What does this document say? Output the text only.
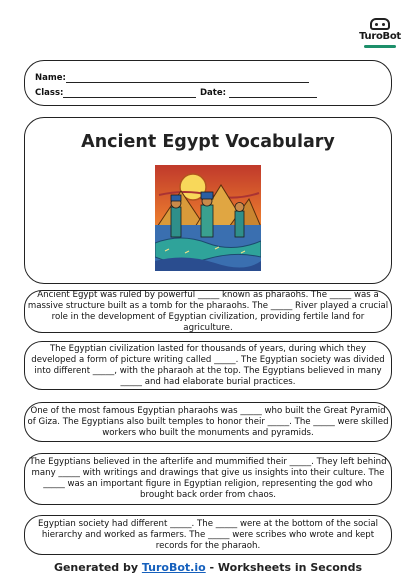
TuroBot
Name:
Class:	Date:
Ancient Egypt Vocabulary
Ancient Egypt was ruled by powerful _____ known as pharaohs. The _____ was a massive structure built as a tomb for the pharaohs. The _____ River played a crucial role in the development of Egyptian civilization, providing fertile land for agriculture.
The Egyptian civilization lasted for thousands of years, during which they developed a form of picture writing called _____. The Egyptian society was divided into different _____, with the pharaoh at the top. The Egyptians believed in many _____ and had elaborate burial practices.
One of the most famous Egyptian pharaohs was _____ who built the Great Pyramid of Giza. The Egyptians also built temples to honor their _____. The _____ were skilled workers who built the monuments and pyramids.
The Egyptians believed in the afterlife and mummified their _____. They left behind many _____ with writings and drawings that give us insights into their culture. The _____ was an important figure in Egyptian religion, representing the god who brought back order from chaos.
Egyptian society had different _____. The _____ were at the bottom of the social hierarchy and worked as farmers. The _____ were scribes who wrote and kept records for the pharaoh.
Generated by TuroBot.io - Worksheets in Seconds
